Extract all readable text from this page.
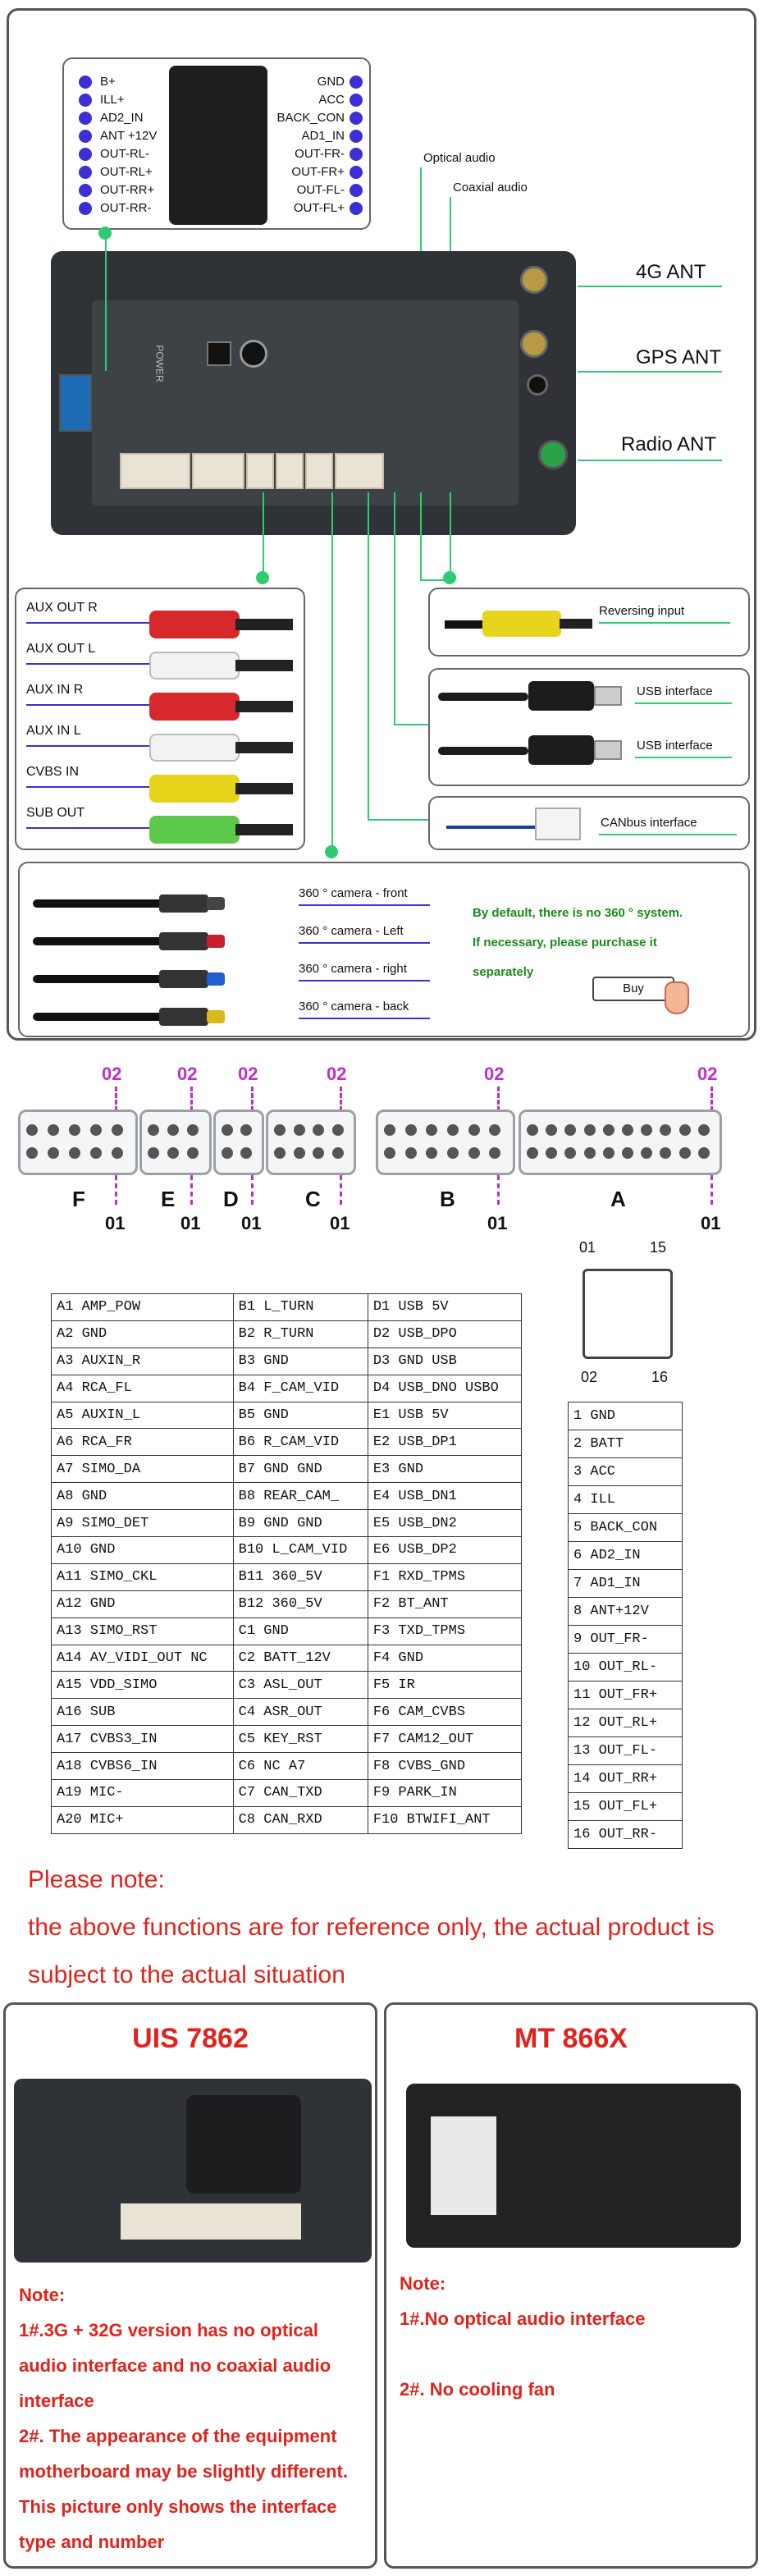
B+
ILL+
AD2_IN
ANT +12V
OUT-RL-
OUT-RL+
OUT-RR+
OUT-RR-
GND
ACC
BACK_CON
AD1_IN
OUT-FR-
OUT-FR+
OUT-FL-
OUT-FL+
Optical audio
Coaxial audio
POWER
4G ANT
GPS ANT
Radio ANT
AUX OUT R
AUX OUT L
AUX IN R
AUX IN L
CVBS IN
SUB OUT
Reversing input
USB interface
USB interface
CANbus interface
360 ° camera - front
360 ° camera - Left
360 ° camera - right
360 ° camera - back
By default, there is no 360 ° system.
If necessary, please purchase it
separately
Buy
02	02 02	02	02	02
F	E D	C	B	A
01	01 01	01	01	01
01	15
02	16
A1 AMP_POW	B1 L_TURN	D1 USB 5V
A2 GND	B2 R_TURN	D2 USB_DPO
A3 AUXIN_R	B3 GND	D3 GND USB
A4 RCA_FL	B4 F_CAM_VID	D4 USB_DNO USBO
A5 AUXIN_L	B5 GND	E1 USB 5V
A6 RCA_FR	B6 R_CAM_VID	E2 USB_DP1
A7 SIMO_DA	B7 GND GND	E3 GND
A8 GND	B8 REAR_CAM_	E4 USB_DN1
A9 SIMO_DET	B9 GND GND	E5 USB_DN2
A10 GND	B10 L_CAM_VID	E6 USB_DP2
A11 SIMO_CKL	B11 360_5V	F1 RXD_TPMS
A12 GND	B12 360_5V	F2 BT_ANT
A13 SIMO_RST	C1 GND	F3 TXD_TPMS
A14 AV_VIDI_OUT NC	C2 BATT_12V	F4 GND
A15 VDD_SIMO	C3 ASL_OUT	F5 IR
A16 SUB	C4 ASR_OUT	F6 CAM_CVBS
A17 CVBS3_IN	C5 KEY_RST	F7 CAM12_OUT
A18 CVBS6_IN	C6 NC A7	F8 CVBS_GND
A19 MIC-	C7 CAN_TXD	F9 PARK_IN
A20 MIC+	C8 CAN_RXD	F10 BTWIFI_ANT
1 GND
2 BATT
3 ACC
4 ILL
5 BACK_CON
6 AD2_IN
7 AD1_IN
8 ANT+12V
9 OUT_FR-
10 OUT_RL-
11 OUT_FR+
12 OUT_RL+
13 OUT_FL-
14 OUT_RR+
15 OUT_FL+
16 OUT_RR-
Please note:
the above functions are for reference only, the actual product is
subject to the actual situation
UIS 7862
Note:
1#.3G + 32G version has no optical
audio interface and no coaxial audio
interface
2#. The appearance of the equipment
motherboard may be slightly different.
This picture only shows the interface
type and number
MT 866X
Note:
1#.No optical audio interface
2#. No cooling fan
